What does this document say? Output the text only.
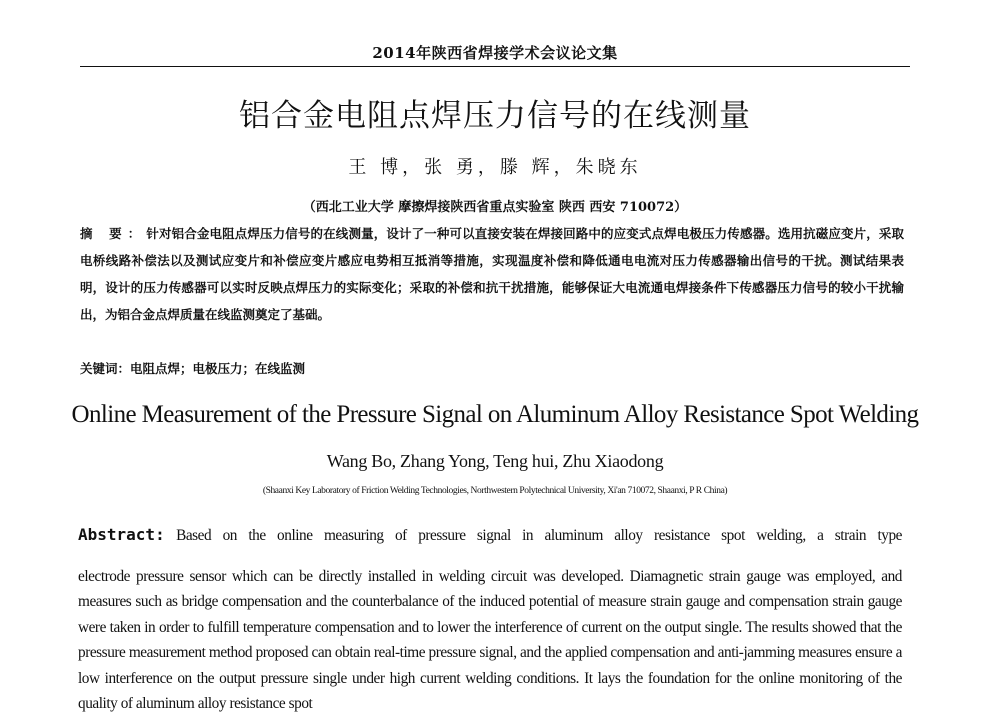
2014年陕西省焊接学术会议论文集
铝合金电阻点焊压力信号的在线测量
王 博，张 勇，滕 辉，朱晓东
（西北工业大学 摩擦焊接陕西省重点实验室 陕西 西安 710072）
摘 要：针对铝合金电阻点焊压力信号的在线测量，设计了一种可以直接安装在焊接回路中的应变式点焊电极压力传感器。选用抗磁应变片，采取电桥线路补偿法以及测试应变片和补偿应变片感应电势相互抵消等措施，实现温度补偿和降低通电电流对压力传感器输出信号的干扰。测试结果表明，设计的压力传感器可以实时反映点焊压力的实际变化；采取的补偿和抗干扰措施，能够保证大电流通电焊接条件下传感器压力信号的较小干扰输出，为铝合金点焊质量在线监测奠定了基础。
关键词：电阻点焊；电极压力；在线监测
Online Measurement of the Pressure Signal on Aluminum Alloy Resistance Spot Welding
Wang Bo, Zhang Yong, Teng hui, Zhu Xiaodong
(Shaanxi Key Laboratory of Friction Welding Technologies, Northwestern Polytechnical University, Xi'an 710072, Shaanxi, P R China)
Abstract: Based on the online measuring of pressure signal in aluminum alloy resistance spot welding, a strain type
electrode pressure sensor which can be directly installed in welding circuit was developed. Diamagnetic strain gauge was employed, and measures such as bridge compensation and the counterbalance of the induced potential of measure strain gauge and compensation strain gauge were taken in order to fulfill temperature compensation and to lower the interference of current on the output single. The results showed that the pressure measurement method proposed can obtain real-time pressure signal, and the applied compensation and anti-jamming measures ensure a low interference on the output pressure single under high current welding conditions. It lays the foundation for the online monitoring of the quality of aluminum alloy resistance spot
